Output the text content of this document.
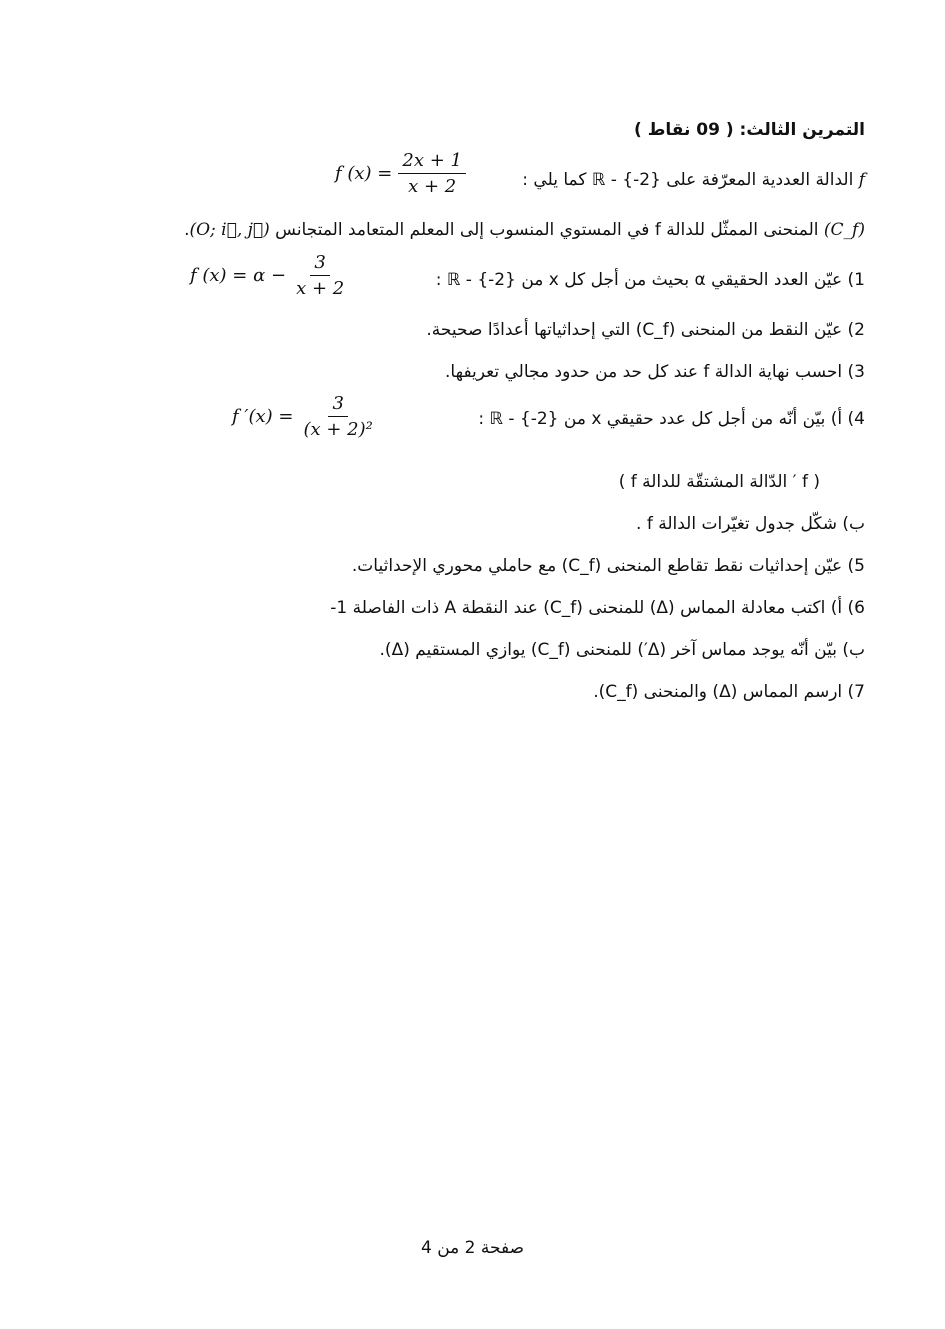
التمرين الثالث: ( 09 نقاط )
f الدالة العددية المعرّفة على {2-} - ℝ كما يلي :
f $(x) = \frac{2x + 1}{x + 2}$
(C_f) المنحنى الممثّل للدالة f في المستوي المنسوب إلى المعلم المتعامد المتجانس (O; i⃗, j⃗).
1) عيّن العدد الحقيقي α بحيث من أجل كل x من {2-} - ℝ :
f $(x) = \alpha - \frac{3}{x + 2}$
2) عيّن النقط من المنحنى (C_f) التي إحداثياتها أعدادًا صحيحة.
3) احسب نهاية الدالة f عند كل حد من حدود مجالي تعريفها.
4) أ) بيّن أنّه من أجل كل عدد حقيقي x من {2-} - ℝ :
f $'(x) = \frac{3}{\text{(x + 2)²}}$
( f ′ الدّالة المشتقّة للدالة f )
ب) شكّل جدول تغيّرات الدالة f .
5) عيّن إحداثيات نقط تقاطع المنحنى (C_f) مع حاملي محوري الإحداثيات.
6) أ) اكتب معادلة المماس (Δ) للمنحنى (C_f) عند النقطة A ذات الفاصلة 1-
ب) بيّن أنّه يوجد مماس آخر (Δ′) للمنحنى (C_f) يوازي المستقيم (Δ).
7) ارسم المماس (Δ) والمنحنى (C_f).
صفحة 2 من 4
